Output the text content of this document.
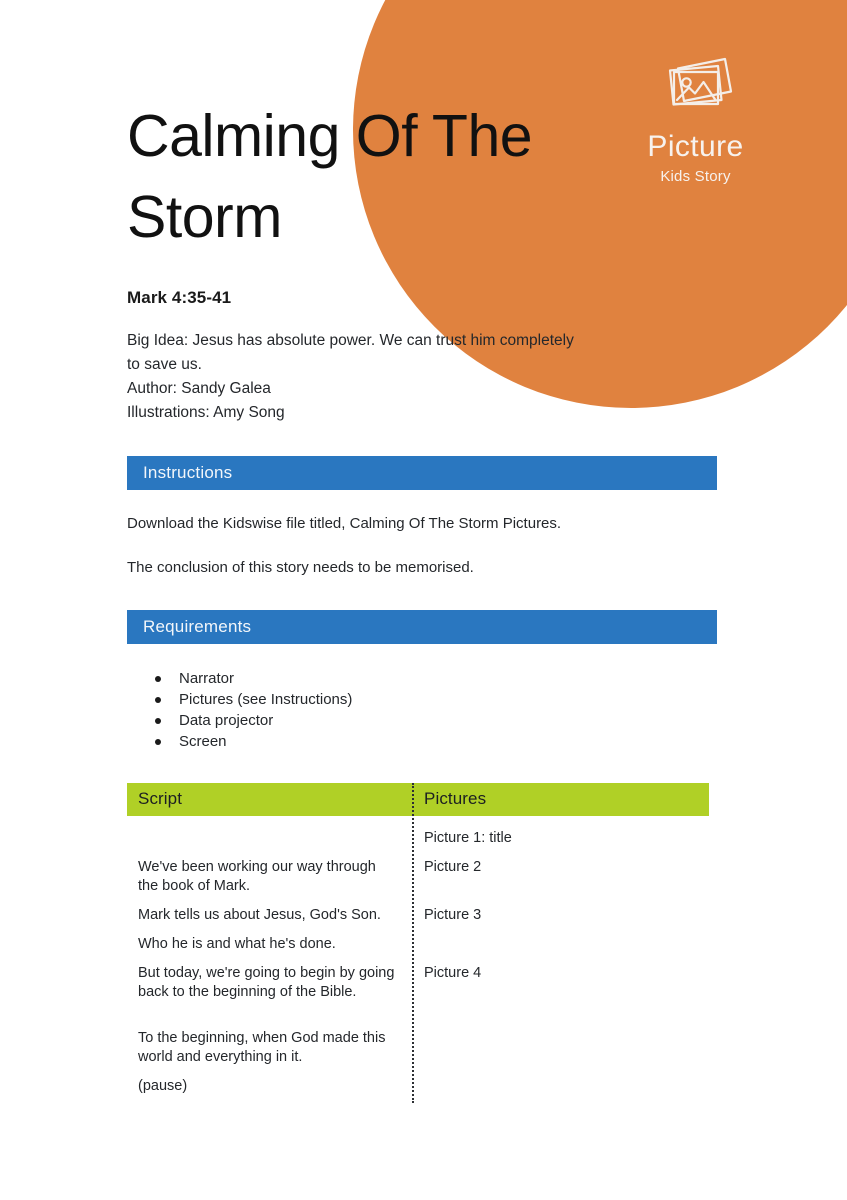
Picture
Kids Story
Calming Of The Storm
Mark 4:35-41
Big Idea: Jesus has absolute power. We can trust him completely to save us.
Author: Sandy Galea
Illustrations: Amy Song
Instructions

Download the Kidswise file titled, Calming Of The Storm Pictures.

The conclusion of this story needs to be memorised.

Requirements
Narrator
Pictures (see Instructions)
Data projector
Screen
Script	Pictures
Picture 1: title
We've been working our way through the book of Mark.
Picture 2
Mark tells us about Jesus, God's Son.	Picture 3
Who he is and what he's done.
But today, we're going to begin by going back to the beginning of the Bible.
Picture 4
To the beginning, when God made this world and everything in it.
(pause)
